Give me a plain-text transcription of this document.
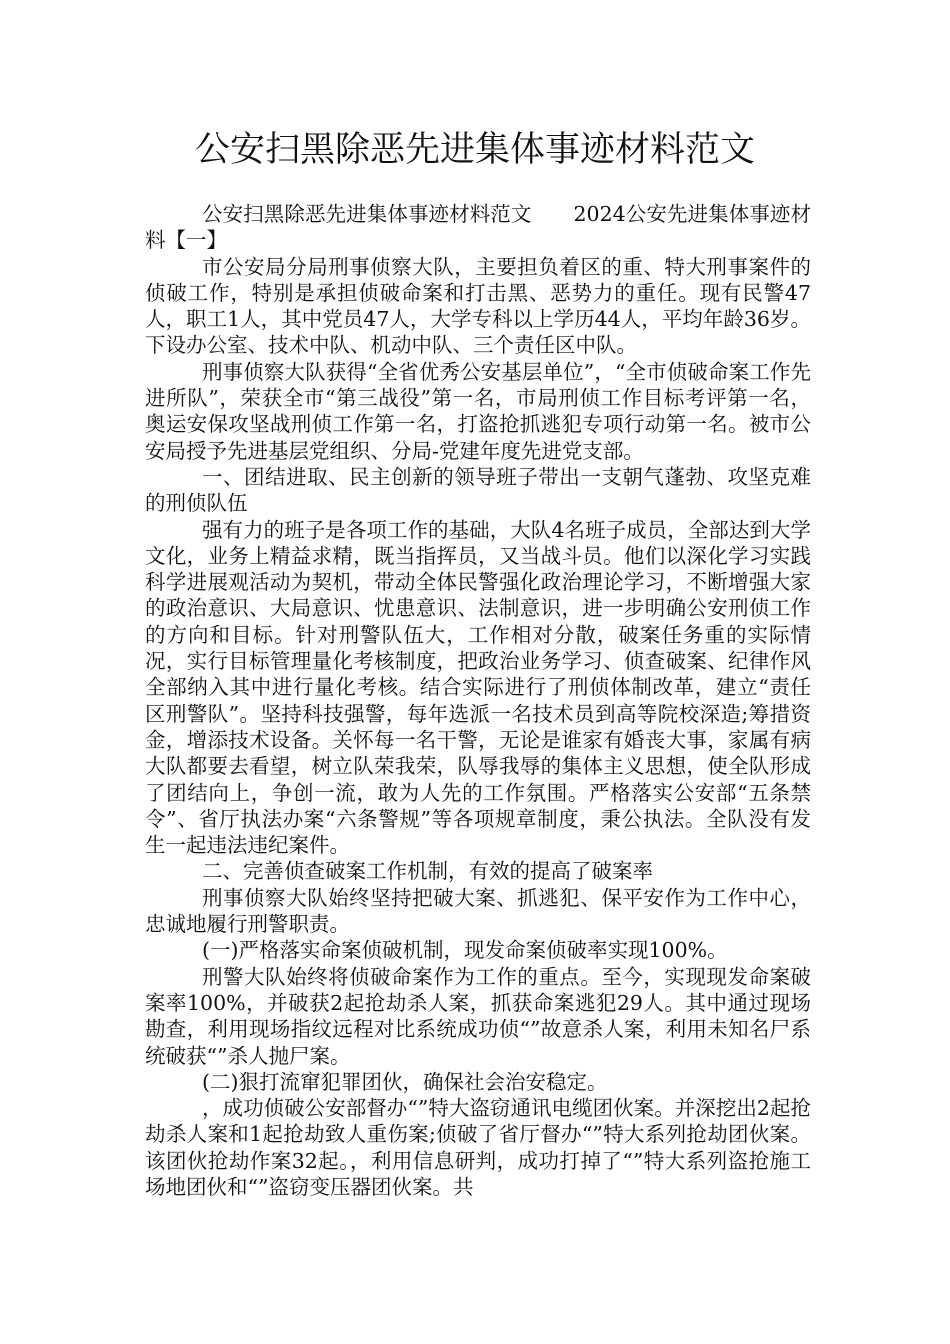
公安扫黑除恶先进集体事迹材料范文

公安扫黑除恶先进集体事迹材料范文 2024公安先进集体事迹材料【一】

市公安局分局刑事侦察大队，主要担负着区的重、特大刑事案件的侦破工作，特别是承担侦破命案和打击黑、恶势力的重任。现有民警47人，职工1人，其中党员47人，大学专科以上学历44人，平均年龄36岁。下设办公室、技术中队、机动中队、三个责任区中队。

刑事侦察大队获得“全省优秀公安基层单位”，“全市侦破命案工作先进所队”，荣获全市“第三战役”第一名，市局刑侦工作目标考评第一名，奥运安保攻坚战刑侦工作第一名，打盗抢抓逃犯专项行动第一名。被市公安局授予先进基层党组织、分局-党建年度先进党支部。

一、团结进取、民主创新的领导班子带出一支朝气蓬勃、攻坚克难的刑侦队伍

强有力的班子是各项工作的基础，大队4名班子成员，全部达到大学文化，业务上精益求精，既当指挥员，又当战斗员。他们以深化学习实践科学进展观活动为契机，带动全体民警强化政治理论学习，不断增强大家的政治意识、大局意识、忧患意识、法制意识，进一步明确公安刑侦工作的方向和目标。针对刑警队伍大，工作相对分散，破案任务重的实际情况，实行目标管理量化考核制度，把政治业务学习、侦查破案、纪律作风全部纳入其中进行量化考核。结合实际进行了刑侦体制改革，建立“责任区刑警队”。坚持科技强警，每年选派一名技术员到高等院校深造;筹措资金，增添技术设备。关怀每一名干警，无论是谁家有婚丧大事，家属有病大队都要去看望，树立队荣我荣，队辱我辱的集体主义思想，使全队形成了团结向上，争创一流，敢为人先的工作氛围。严格落实公安部“五条禁令”、省厅执法办案“六条警规”等各项规章制度，秉公执法。全队没有发生一起违法违纪案件。

二、完善侦查破案工作机制，有效的提高了破案率

刑事侦察大队始终坚持把破大案、抓逃犯、保平安作为工作中心，忠诚地履行刑警职责。

(一)严格落实命案侦破机制，现发命案侦破率实现100%。

刑警大队始终将侦破命案作为工作的重点。至今，实现现发命案破案率100%，并破获2起抢劫杀人案，抓获命案逃犯29人。其中通过现场勘查，利用现场指纹远程对比系统成功侦“”故意杀人案，利用未知名尸系统破获“”杀人抛尸案。

(二)狠打流窜犯罪团伙，确保社会治安稳定。

，成功侦破公安部督办“”特大盗窃通讯电缆团伙案。并深挖出2起抢劫杀人案和1起抢劫致人重伤案;侦破了省厅督办“”特大系列抢劫团伙案。该团伙抢劫作案32起。，利用信息研判，成功打掉了“”特大系列盗抢施工场地团伙和“”盗窃变压器团伙案。共
